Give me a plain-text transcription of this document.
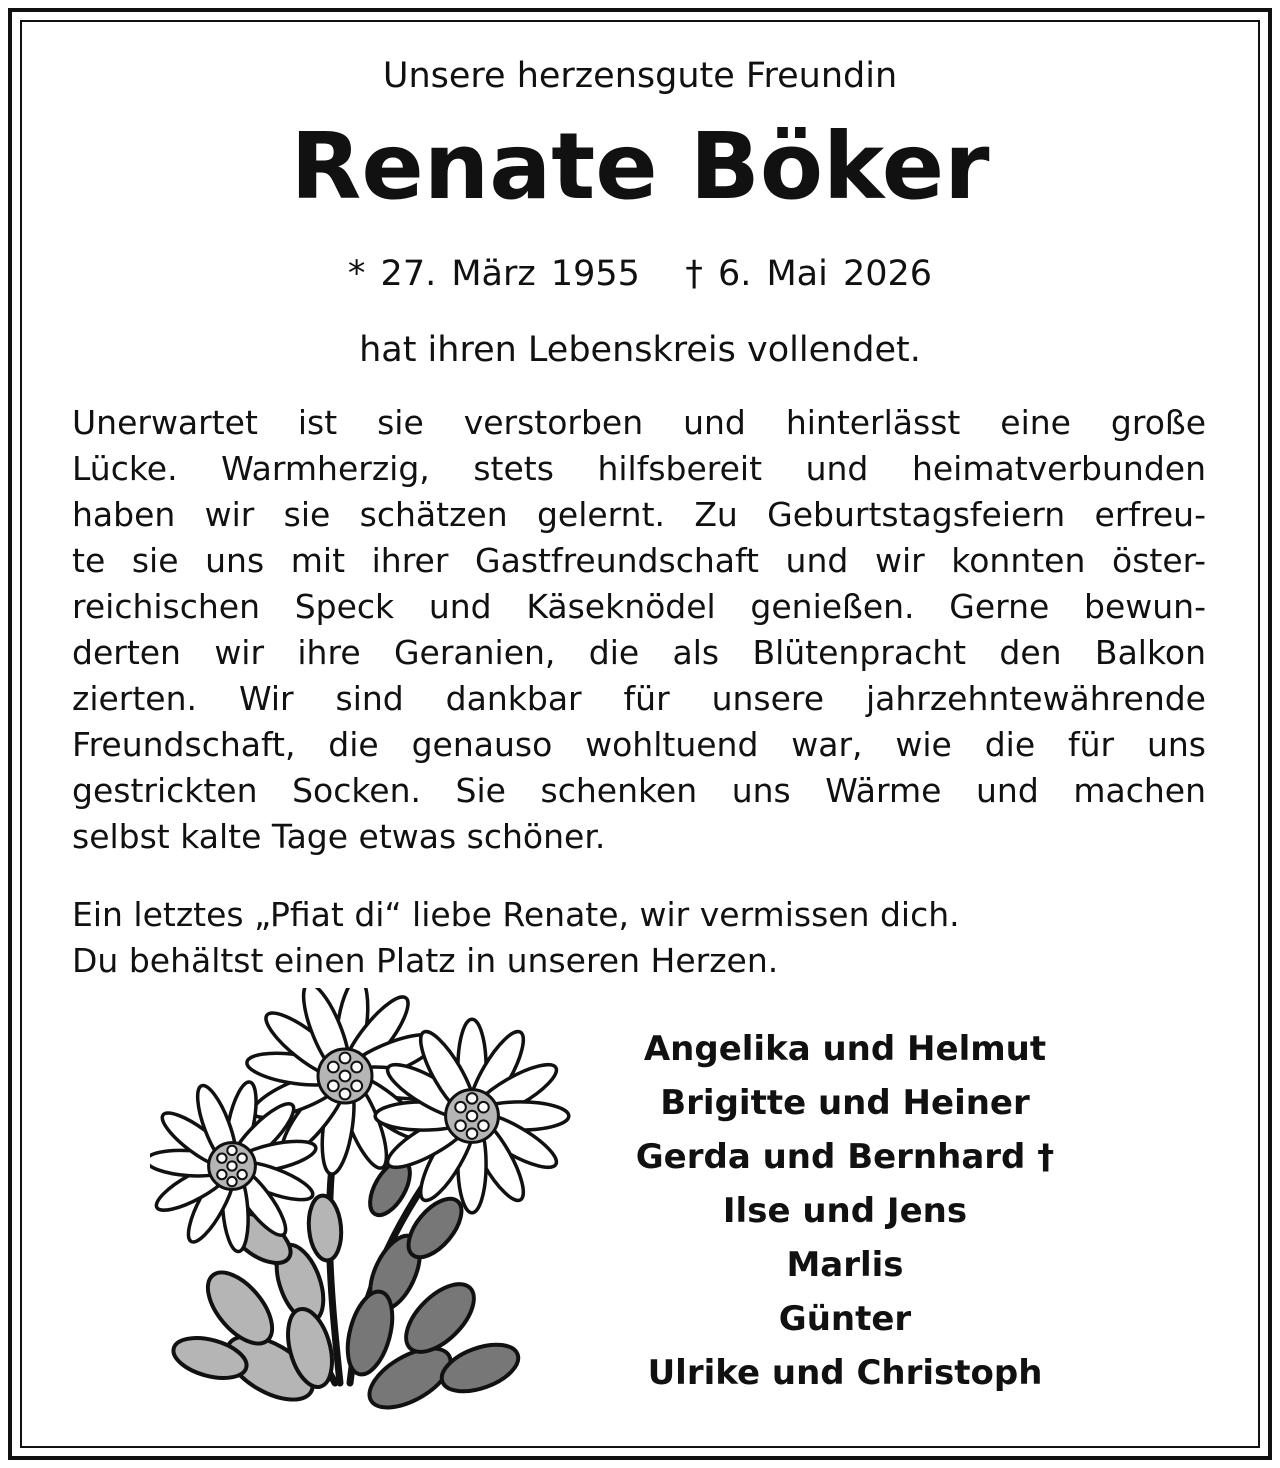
Unsere herzensgute Freundin
Renate Böker
* 27. März 1955 † 6. Mai 2026
hat ihren Lebenskreis vollendet.
Unerwartet ist sie verstorben und hinterlässt eine große
Lücke. Warmherzig, stets hilfsbereit und heimatverbunden
haben wir sie schätzen gelernt. Zu Geburtstagsfeiern erfreu-
te sie uns mit ihrer Gastfreundschaft und wir konnten öster-
reichischen Speck und Käseknödel genießen. Gerne bewun-
derten wir ihre Geranien, die als Blütenpracht den Balkon
zierten. Wir sind dankbar für unsere jahrzehntewährende
Freundschaft, die genauso wohltuend war, wie die für uns
gestrickten Socken. Sie schenken uns Wärme und machen
selbst kalte Tage etwas schöner.
Ein letztes „Pfiat di“ liebe Renate, wir vermissen dich.
Du behältst einen Platz in unseren Herzen.
Angelika und Helmut
Brigitte und Heiner
Gerda und Bernhard †
Ilse und Jens
Marlis
Günter
Ulrike und Christoph
